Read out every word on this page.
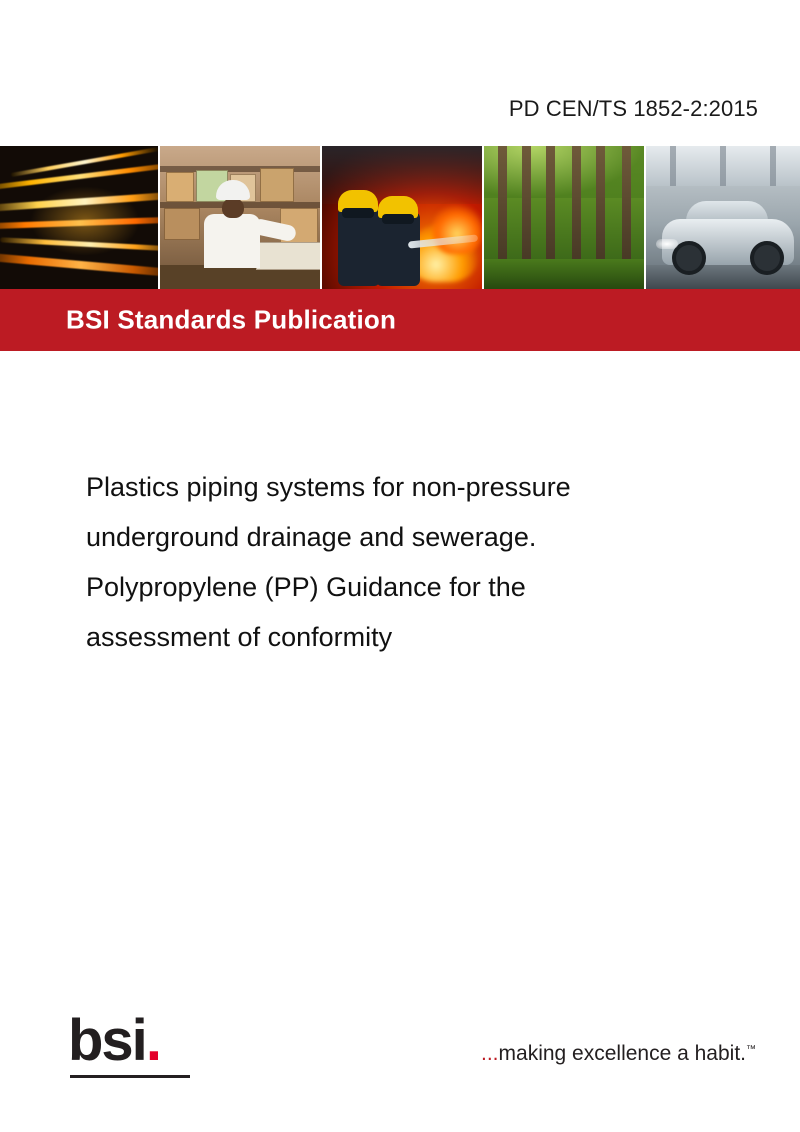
PD CEN/TS 1852-2:2015
BSI Standards Publication
Plastics piping systems for non-pressure
underground drainage and sewerage.
Polypropylene (PP) Guidance for the
assessment of conformity
bsi.	...making excellence a habit.™
